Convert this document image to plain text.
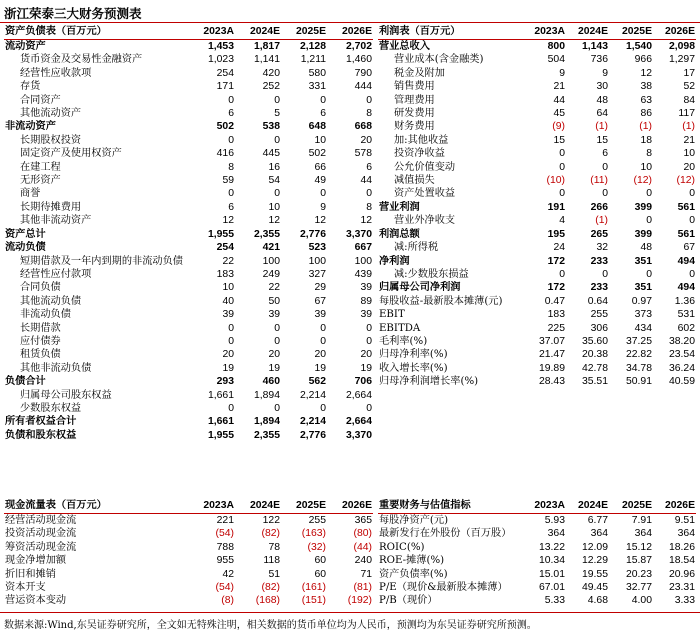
浙江荣泰三大财务预测表
资产负债表（百万元）	2023A	2024E	2025E	2026E
流动资产	1,453	1,817	2,128	2,702
货币资金及交易性金融资产	1,023	1,141	1,211	1,460
经营性应收款项	254	420	580	790
存货	171	252	331	444
合同资产	0	0	0	0
其他流动资产	6	5	6	8
非流动资产	502	538	648	668
长期股权投资	0	0	10	20
固定资产及使用权资产	416	445	502	578
在建工程	8	16	66	6
无形资产	59	54	49	44
商誉	0	0	0	0
长期待摊费用	6	10	9	8
其他非流动资产	12	12	12	12
资产总计	1,955	2,355	2,776	3,370
流动负债	254	421	523	667
短期借款及一年内到期的非流动负债	22	100	100	100
经营性应付款项	183	249	327	439
合同负债	10	22	29	39
其他流动负债	40	50	67	89
非流动负债	39	39	39	39
长期借款	0	0	0	0
应付债券	0	0	0	0
租赁负债	20	20	20	20
其他非流动负债	19	19	19	19
负债合计	293	460	562	706
归属母公司股东权益	1,661	1,894	2,214	2,664
少数股东权益	0	0	0	0
所有者权益合计	1,661	1,894	2,214	2,664
负债和股东权益	1,955	2,355	2,776	3,370
利润表（百万元）	2023A	2024E	2025E	2026E
营业总收入	800	1,143	1,540	2,098
营业成本(含金融类)	504	736	966	1,297
税金及附加	9	9	12	17
销售费用	21	30	38	52
管理费用	44	48	63	84
研发费用	45	64	86	117
财务费用	(9)	(1)	(1)	(1)
加:其他收益	15	15	18	21
投资净收益	0	6	8	10
公允价值变动	0	0	10	20
减值损失	(10)	(11)	(12)	(12)
资产处置收益	0	0	0	0
营业利润	191	266	399	561
营业外净收支	4	(1)	0	0
利润总额	195	265	399	561
减:所得税	24	32	48	67
净利润	172	233	351	494
减:少数股东损益	0	0	0	0
归属母公司净利润	172	233	351	494

每股收益-最新股本摊薄(元)	0.47	0.64	0.97	1.36

EBIT	183	255	373	531
EBITDA	225	306	434	602

毛利率(%)	37.07	35.60	37.25	38.20
归母净利率(%)	21.47	20.38	22.82	23.54

收入增长率(%)	19.89	42.78	34.78	36.24
归母净利润增长率(%)	28.43	35.51	50.91	40.59
现金流量表（百万元）	2023A	2024E	2025E	2026E
经营活动现金流	221	122	255	365
投资活动现金流	(54)	(82)	(163)	(80)
筹资活动现金流	788	78	(32)	(44)
现金净增加额	955	118	60	240
折旧和摊销	42	51	60	71
资本开支	(54)	(82)	(161)	(81)
营运资本变动	(8)	(168)	(151)	(192)
重要财务与估值指标	2023A	2024E	2025E	2026E
每股净资产(元)	5.93	6.77	7.91	9.51
最新发行在外股份（百万股）	364	364	364	364
ROIC(%)	13.22	12.09	15.12	18.26
ROE-摊薄(%)	10.34	12.29	15.87	18.54
资产负债率(%)	15.01	19.55	20.23	20.96
P/E（现价&最新股本摊薄）	67.01	49.45	32.77	23.31
P/B（现价）	5.33	4.68	4.00	3.33
数据来源:Wind,东吴证券研究所，全文如无特殊注明，相关数据的货币单位均为人民币，预测均为东吴证券研究所预测。
